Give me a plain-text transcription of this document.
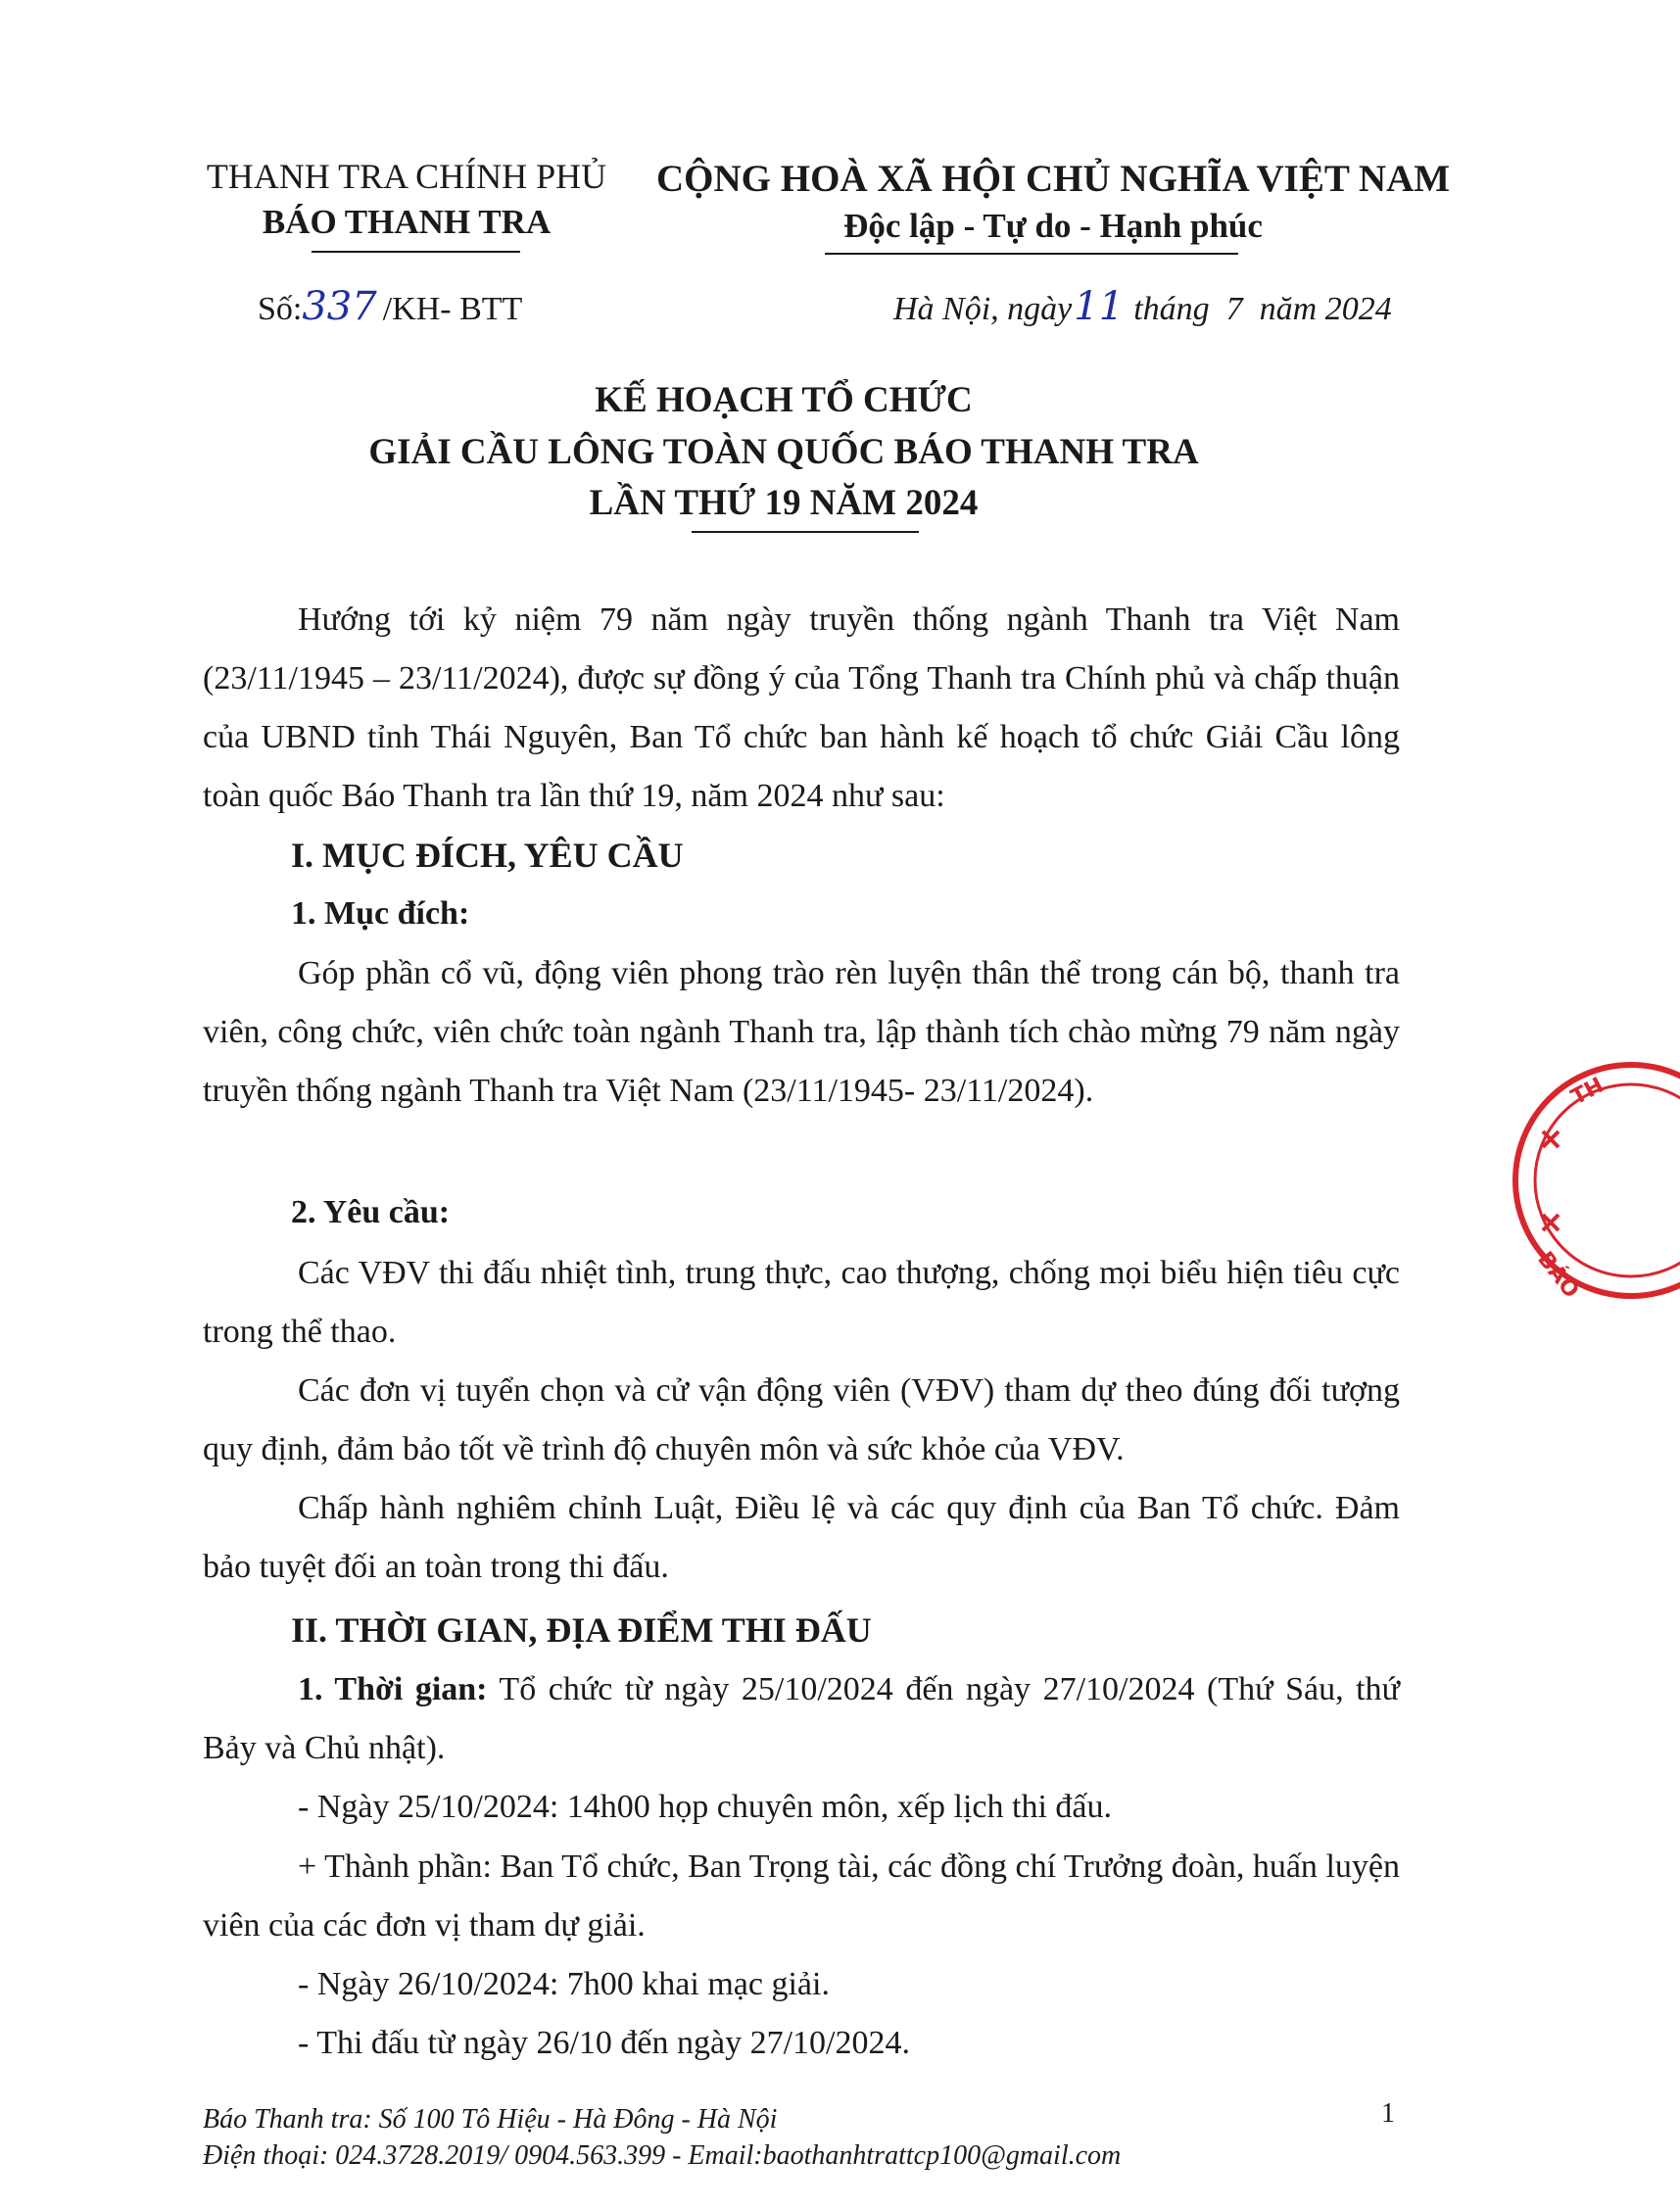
THANH TRA CHÍNH PHỦ
BÁO THANH TRA
CỘNG HOÀ XÃ HỘI CHỦ NGHĨA VIỆT NAM
Độc lập - Tự do - Hạnh phúc
Số:337 /KH- BTT	Hà Nội, ngày11 tháng  7  năm 2024
KẾ HOẠCH TỔ CHỨC
GIẢI CẦU LÔNG TOÀN QUỐC BÁO THANH TRA
LẦN THỨ 19 NĂM 2024
Hướng tới kỷ niệm 79 năm ngày truyền thống ngành Thanh tra Việt Nam (23/11/1945 – 23/11/2024), được sự đồng ý của Tổng Thanh tra Chính phủ và chấp thuận của UBND tỉnh Thái Nguyên, Ban Tổ chức ban hành kế hoạch tổ chức Giải Cầu lông toàn quốc Báo Thanh tra lần thứ 19, năm 2024 như sau:
I. MỤC ĐÍCH, YÊU CẦU
1. Mục đích:
Góp phần cổ vũ, động viên phong trào rèn luyện thân thể trong cán bộ, thanh tra viên, công chức, viên chức toàn ngành Thanh tra, lập thành tích chào mừng 79 năm ngày truyền thống ngành Thanh tra Việt Nam (23/11/1945- 23/11/2024).
2. Yêu cầu:
Các VĐV thi đấu nhiệt tình, trung thực, cao thượng, chống mọi biểu hiện tiêu cực trong thể thao.
Các đơn vị tuyển chọn và cử vận động viên (VĐV) tham dự theo đúng đối tượng quy định, đảm bảo tốt về trình độ chuyên môn và sức khỏe của VĐV.
Chấp hành nghiêm chỉnh Luật, Điều lệ và các quy định của Ban Tổ chức. Đảm bảo tuyệt đối an toàn trong thi đấu.
II. THỜI GIAN, ĐỊA ĐIỂM THI ĐẤU
1. Thời gian: Tổ chức từ ngày 25/10/2024 đến ngày 27/10/2024 (Thứ Sáu, thứ Bảy và Chủ nhật).
- Ngày 25/10/2024: 14h00 họp chuyên môn, xếp lịch thi đấu.
+ Thành phần: Ban Tổ chức, Ban Trọng tài, các đồng chí Trưởng đoàn, huấn luyện viên của các đơn vị tham dự giải.
- Ngày 26/10/2024: 7h00 khai mạc giải.
- Thi đấu từ ngày 26/10 đến ngày 27/10/2024.
Báo Thanh tra: Số 100 Tô Hiệu - Hà Đông - Hà Nội
Điện thoại: 024.3728.2019/ 0904.563.399 - Email:baothanhtrattcp100@gmail.com
1
TH
BÁO
